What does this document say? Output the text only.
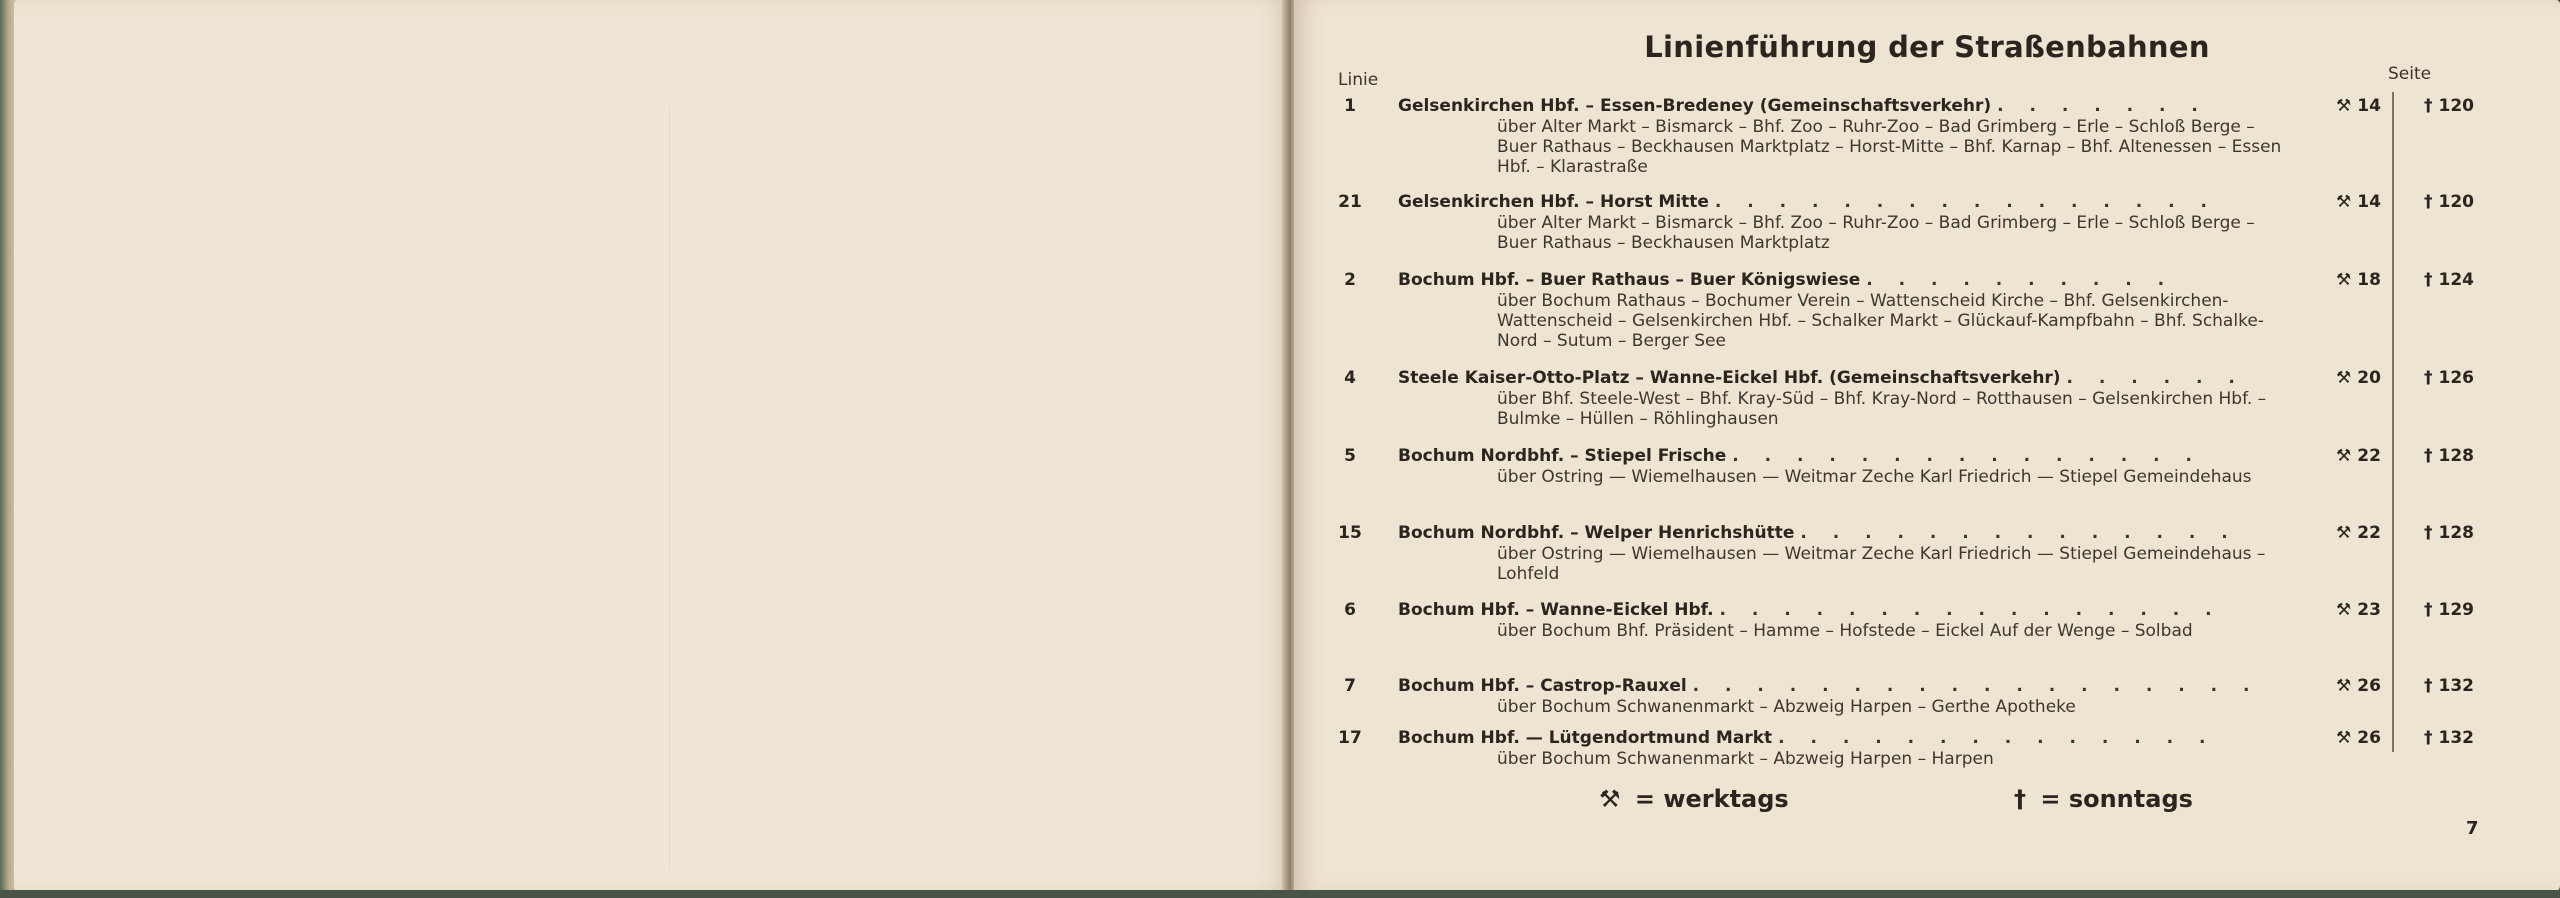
Linienführung der Straßenbahnen
Linie	Seite
1	Gelsenkirchen Hbf. – Essen-Bredeney (Gemeinschaftsverkehr) . . . . . . .
über Alter Markt – Bismarck – Bhf. Zoo – Ruhr-Zoo – Bad Grimberg – Erle – Schloß Berge – Buer Rathaus – Beckhausen Marktplatz – Horst-Mitte – Bhf. Karnap – Bhf. Altenessen – Essen Hbf. – Klarastraße
⚒ 14	† 120
21	Gelsenkirchen Hbf. – Horst Mitte . . . . . . . . . . . . . . . .
über Alter Markt – Bismarck – Bhf. Zoo – Ruhr-Zoo – Bad Grimberg – Erle – Schloß Berge – Buer Rathaus – Beckhausen Marktplatz
⚒ 14	† 120
2	Bochum Hbf. – Buer Rathaus – Buer Königswiese . . . . . . . . . .
über Bochum Rathaus – Bochumer Verein – Wattenscheid Kirche – Bhf. Gelsenkirchen-Wattenscheid – Gelsenkirchen Hbf. – Schalker Markt – Glückauf-Kampfbahn – Bhf. Schalke-Nord – Sutum – Berger See
⚒ 18	† 124
4	Steele Kaiser-Otto-Platz – Wanne-Eickel Hbf. (Gemeinschaftsverkehr) . . . . . .
über Bhf. Steele-West – Bhf. Kray-Süd – Bhf. Kray-Nord – Rotthausen – Gelsenkirchen Hbf. – Bulmke – Hüllen – Röhlinghausen
⚒ 20	† 126
5	Bochum Nordbhf. – Stiepel Frische . . . . . . . . . . . . . . .
über Ostring — Wiemelhausen — Weitmar Zeche Karl Friedrich — Stiepel Gemeindehaus
⚒ 22	† 128
15	Bochum Nordbhf. – Welper Henrichshütte . . . . . . . . . . . . . .
über Ostring — Wiemelhausen — Weitmar Zeche Karl Friedrich — Stiepel Gemeindehaus – Lohfeld
⚒ 22	† 128
6	Bochum Hbf. – Wanne-Eickel Hbf. . . . . . . . . . . . . . . . .
über Bochum Bhf. Präsident – Hamme – Hofstede – Eickel Auf der Wenge – Solbad
⚒ 23	† 129
7	Bochum Hbf. – Castrop-Rauxel . . . . . . . . . . . . . . . . . .
über Bochum Schwanenmarkt – Abzweig Harpen – Gerthe Apotheke
⚒ 26	† 132
17	Bochum Hbf. — Lütgendortmund Markt . . . . . . . . . . . . . .
über Bochum Schwanenmarkt – Abzweig Harpen – Harpen
⚒ 26	† 132
⚒ = werktags	† = sonntags
7
